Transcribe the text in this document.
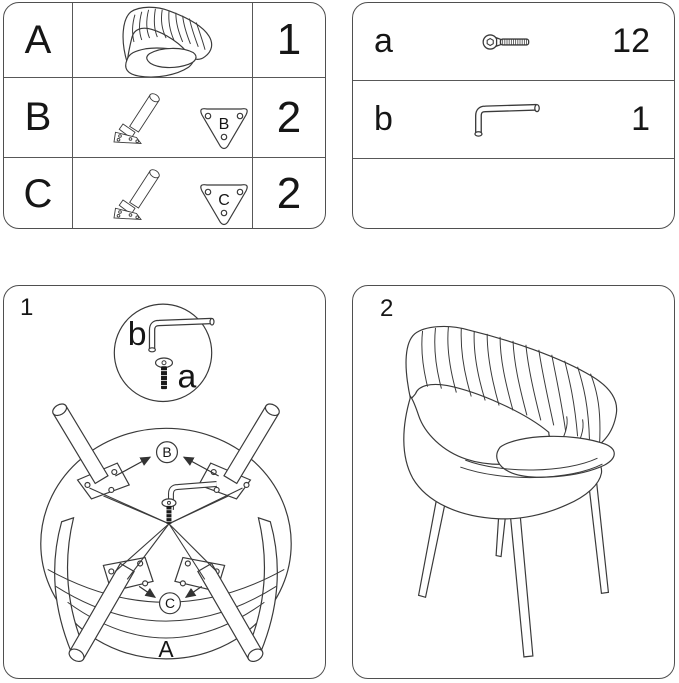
A	1
B	B	2
C	C	2
a	12
b	1
1
A
B
C
b
a
2
